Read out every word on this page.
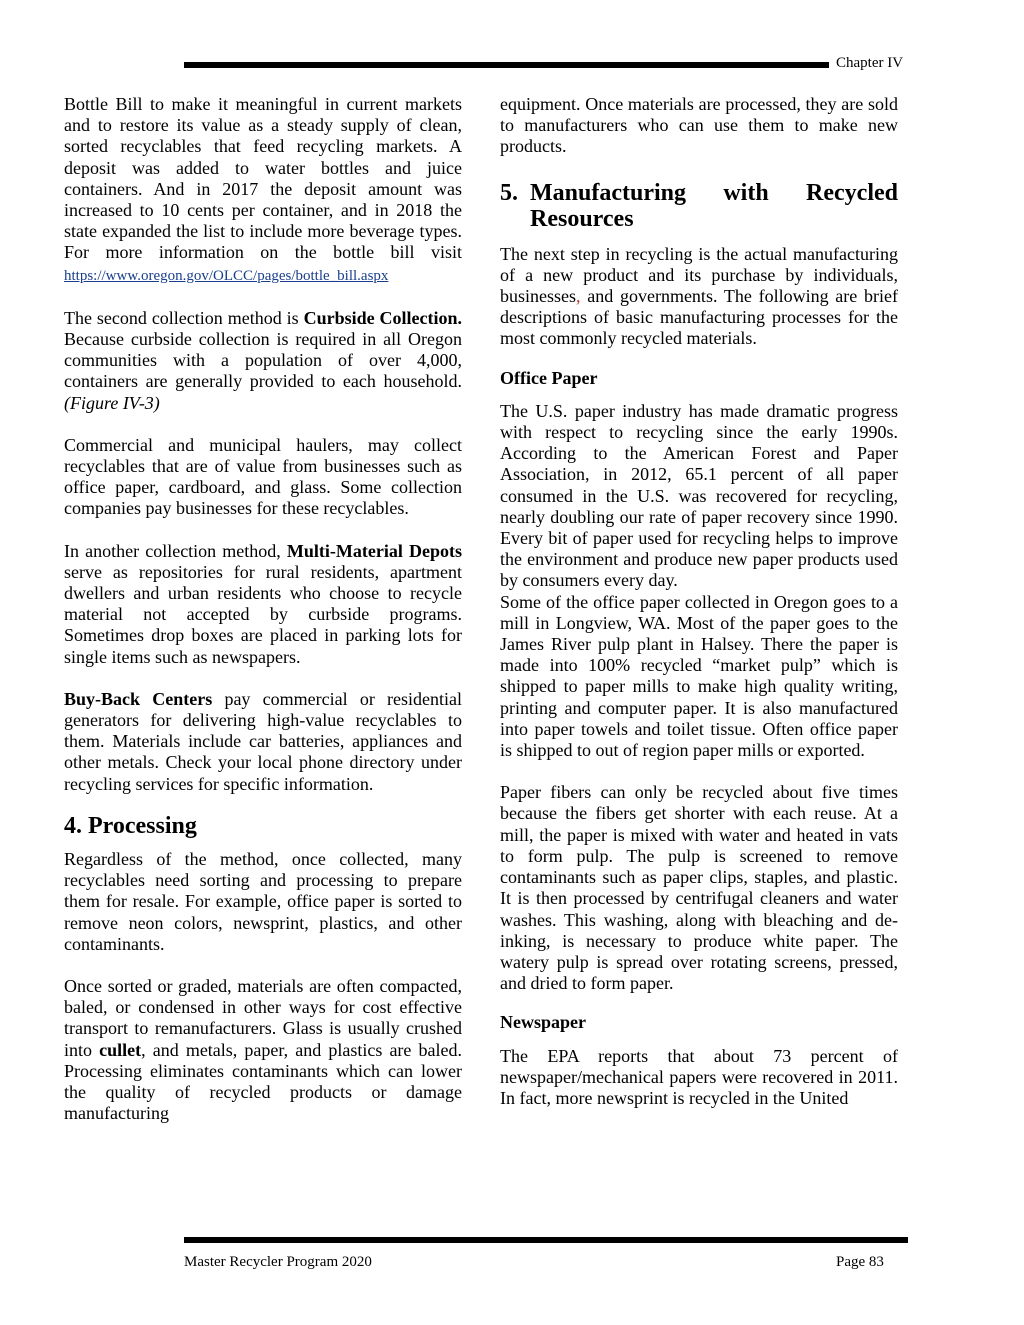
Chapter IV

Bottle Bill to make it meaningful in current markets and to restore its value as a steady supply of clean, sorted recyclables that feed recycling markets. A deposit was added to water bottles and juice containers. And in 2017 the deposit amount was increased to 10 cents per container, and in 2018 the state expanded the list to include more beverage types. For more information on the bottle bill visit https://www.oregon.gov/OLCC/pages/bottle_bill.aspx

The second collection method is Curbside Collection. Because curbside collection is required in all Oregon communities with a population of over 4,000, containers are generally provided to each household. (Figure IV-3)

Commercial and municipal haulers, may collect recyclables that are of value from businesses such as office paper, cardboard, and glass. Some collection companies pay businesses for these recyclables.

In another collection method, Multi-Material Depots serve as repositories for rural residents, apartment dwellers and urban residents who choose to recycle material not accepted by curbside programs. Sometimes drop boxes are placed in parking lots for single items such as newspapers.

Buy-Back Centers pay commercial or residential generators for delivering high-value recyclables to them. Materials include car batteries, appliances and other metals. Check your local phone directory under recycling services for specific information.

4. Processing

Regardless of the method, once collected, many recyclables need sorting and processing to prepare them for resale. For example, office paper is sorted to remove neon colors, newsprint, plastics, and other contaminants.

Once sorted or graded, materials are often compacted, baled, or condensed in other ways for cost effective transport to remanufacturers. Glass is usually crushed into cullet, and metals, paper, and plastics are baled. Processing eliminates contaminants which can lower the quality of recycled products or damage manufacturing

equipment. Once materials are processed, they are sold to manufacturers who can use them to make new products.

5. Manufacturing with Recycled Resources

The next step in recycling is the actual manufacturing of a new product and its purchase by individuals, businesses, and governments. The following are brief descriptions of basic manufacturing processes for the most commonly recycled materials.

Office Paper

The U.S. paper industry has made dramatic progress with respect to recycling since the early 1990s. According to the American Forest and Paper Association, in 2012, 65.1 percent of all paper consumed in the U.S. was recovered for recycling, nearly doubling our rate of paper recovery since 1990. Every bit of paper used for recycling helps to improve the environment and produce new paper products used by consumers every day.

Some of the office paper collected in Oregon goes to a mill in Longview, WA. Most of the paper goes to the James River pulp plant in Halsey. There the paper is made into 100% recycled “market pulp” which is shipped to paper mills to make high quality writing, printing and computer paper. It is also manufactured into paper towels and toilet tissue. Often office paper is shipped to out of region paper mills or exported.

Paper fibers can only be recycled about five times because the fibers get shorter with each reuse. At a mill, the paper is mixed with water and heated in vats to form pulp. The pulp is screened to remove contaminants such as paper clips, staples, and plastic. It is then processed by centrifugal cleaners and water washes. This washing, along with bleaching and de-inking, is necessary to produce white paper. The watery pulp is spread over rotating screens, pressed, and dried to form paper.

Newspaper

The EPA reports that about 73 percent of newspaper/mechanical papers were recovered in 2011. In fact, more newsprint is recycled in the United

Master Recycler Program 2020	Page 83
